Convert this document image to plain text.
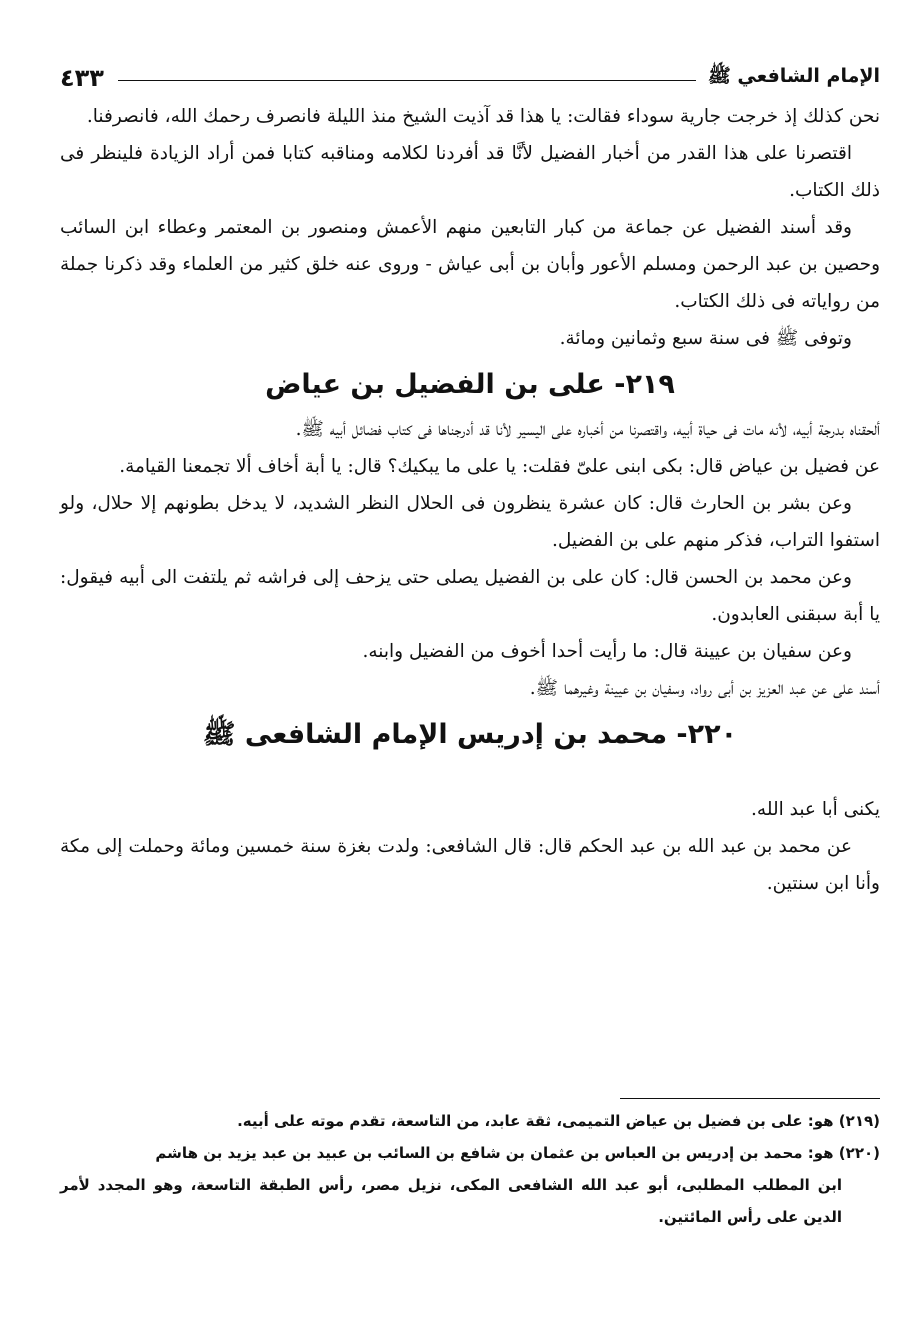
الإمام الشافعي ﷺ
٤٣٣

نحن كذلك إذ خرجت جارية سوداء فقالت: يا هذا قد آذيت الشيخ منذ الليلة فانصرف رحمك الله، فانصرفنا.

اقتصرنا على هذا القدر من أخبار الفضيل لأنَّا قد أفردنا لكلامه ومناقبه كتابا فمن أراد الزيادة فلينظر فى ذلك الكتاب.

وقد أسند الفضيل عن جماعة من كبار التابعين منهم الأعمش ومنصور بن المعتمر وعطاء ابن السائب وحصين بن عبد الرحمن ومسلم الأعور وأبان بن أبى عياش - وروى عنه خلق كثير من العلماء وقد ذكرنا جملة من رواياته فى ذلك الكتاب.

وتوفى ﷺ فى سنة سبع وثمانين ومائة.

٢١٩- على بن الفضيل بن عياض

ألحقناه بدرجة أبيه، لأنه مات فى حياة أبيه، واقتصرنا من أخباره على اليسير لأنا قد أدرجناها فى كتاب فضائل أبيه ﷺ.

عن فضيل بن عياض قال: بكى ابنى علىّ فقلت: يا على ما يبكيك؟ قال: يا أبة أخاف ألا تجمعنا القيامة.

وعن بشر بن الحارث قال: كان عشرة ينظرون فى الحلال النظر الشديد، لا يدخل بطونهم إلا حلال، ولو استفوا التراب، فذكر منهم على بن الفضيل.

وعن محمد بن الحسن قال: كان على بن الفضيل يصلى حتى يزحف إلى فراشه ثم يلتفت الى أبيه فيقول: يا أبة سبقنى العابدون.

وعن سفيان بن عيينة قال: ما رأيت أحدا أخوف من الفضيل وابنه.

أسند على عن عبد العزيز بن أبى رواد، وسفيان بن عيينة وغيرهما ﷺ.

٢٢٠- محمد بن إدريس الإمام الشافعى ﷺ

يكنى أبا عبد الله.

عن محمد بن عبد الله بن عبد الحكم قال: قال الشافعى: ولدت بغزة سنة خمسين ومائة وحملت إلى مكة وأنا ابن سنتين.

(٢١٩) هو: على بن فضيل بن عياض التميمى، ثقة عابد، من التاسعة، تقدم موته على أبيه.

(٢٢٠) هو: محمد بن إدريس بن العباس بن عثمان بن شافع بن السائب بن عبيد بن عبد يزيد بن هاشم

ابن المطلب المطلبى، أبو عبد الله الشافعى المكى، نزيل مصر، رأس الطبقة التاسعة، وهو المجدد لأمر الدين على رأس المائتين.
